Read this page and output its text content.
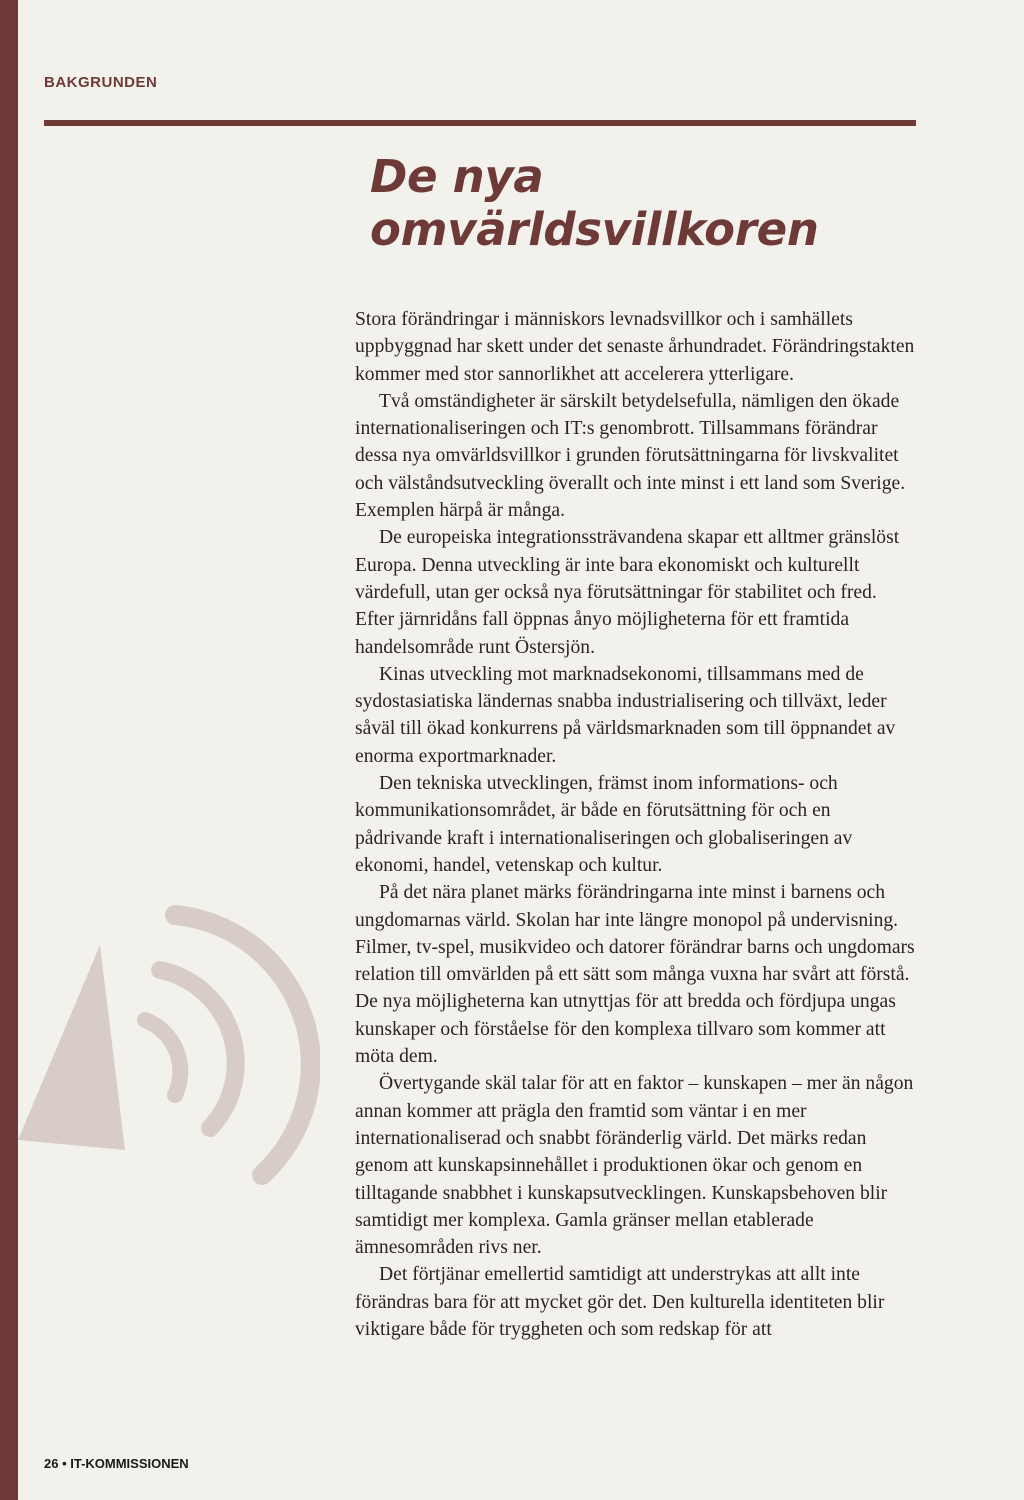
BAKGRUNDEN
De nya omvärldsvillkoren

Stora förändringar i människors levnadsvillkor och i samhällets uppbyggnad har skett under det senaste århundradet. Förändringstakten kommer med stor sannorlikhet att accelerera ytterligare.

Två omständigheter är särskilt betydelsefulla, nämligen den ökade internationaliseringen och IT:s genombrott. Tillsammans förändrar dessa nya omvärldsvillkor i grunden förutsättningarna för livskvalitet och välståndsutveckling överallt och inte minst i ett land som Sverige. Exemplen härpå är många.

De europeiska integrationssträvandena skapar ett alltmer gränslöst Europa. Denna utveckling är inte bara ekonomiskt och kulturellt värdefull, utan ger också nya förutsättningar för stabilitet och fred. Efter järnridåns fall öppnas ånyo möjligheterna för ett framtida handelsområde runt Östersjön.

Kinas utveckling mot marknadsekonomi, tillsammans med de sydostasiatiska ländernas snabba industrialisering och tillväxt, leder såväl till ökad konkurrens på världsmarknaden som till öppnandet av enorma exportmarknader.

Den tekniska utvecklingen, främst inom informations- och kommunikationsområdet, är både en förutsättning för och en pådrivande kraft i internationaliseringen och globaliseringen av ekonomi, handel, vetenskap och kultur.

På det nära planet märks förändringarna inte minst i barnens och ungdomarnas värld. Skolan har inte längre monopol på undervisning. Filmer, tv-spel, musikvideo och datorer förändrar barns och ungdomars relation till omvärlden på ett sätt som många vuxna har svårt att förstå. De nya möjligheterna kan utnyttjas för att bredda och fördjupa ungas kunskaper och förståelse för den komplexa tillvaro som kommer att möta dem.

Övertygande skäl talar för att en faktor – kunskapen – mer än någon annan kommer att prägla den framtid som väntar i en mer internationaliserad och snabbt föränderlig värld. Det märks redan genom att kunskapsinnehållet i produktionen ökar och genom en tilltagande snabbhet i kunskapsutvecklingen. Kunskapsbehoven blir samtidigt mer komplexa. Gamla gränser mellan etablerade ämnesområden rivs ner.

Det förtjänar emellertid samtidigt att understrykas att allt inte förändras bara för att mycket gör det. Den kulturella identiteten blir viktigare både för tryggheten och som redskap för att

26 • IT-KOMMISSIONEN
